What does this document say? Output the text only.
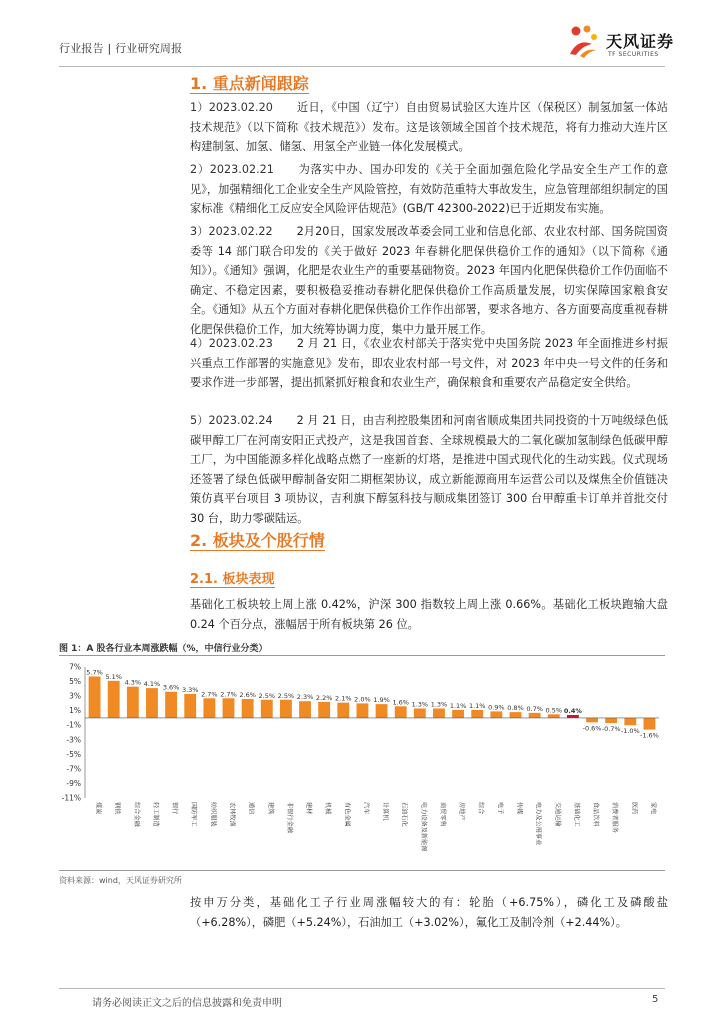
行业报告 | 行业研究周报	天风证券
TF SECURITIES
1. 重点新闻跟踪

1）2023.02.20 近日，《中国（辽宁）自由贸易试验区大连片区（保税区）制氢加氢一体站技术规范》（以下简称《技术规范》）发布。这是该领域全国首个技术规范，将有力推动大连片区构建制氢、加氢、储氢、用氢全产业链一体化发展模式。

2）2023.02.21 为落实中办、国办印发的《关于全面加强危险化学品安全生产工作的意见》，加强精细化工企业安全生产风险管控，有效防范重特大事故发生，应急管理部组织制定的国家标准《精细化工反应安全风险评估规范》(GB/T 42300-2022)已于近期发布实施。

3）2023.02.22 2月20日，国家发展改革委会同工业和信息化部、农业农村部、国务院国资委等 14 部门联合印发的《关于做好 2023 年春耕化肥保供稳价工作的通知》（以下简称《通知》）。《通知》强调，化肥是农业生产的重要基础物资。2023 年国内化肥保供稳价工作仍面临不确定、不稳定因素，要积极稳妥推动春耕化肥保供稳价工作高质量发展，切实保障国家粮食安全。《通知》从五个方面对春耕化肥保供稳价工作作出部署，要求各地方、各方面要高度重视春耕化肥保供稳价工作，加大统筹协调力度，集中力量开展工作。

4）2023.02.23 2 月 21 日，《农业农村部关于落实党中央国务院 2023 年全面推进乡村振兴重点工作部署的实施意见》发布，即农业农村部一号文件，对 2023 年中央一号文件的任务和要求作进一步部署，提出抓紧抓好粮食和农业生产，确保粮食和重要农产品稳定安全供给。

5）2023.02.24 2 月 21 日，由吉利控股集团和河南省顺成集团共同投资的十万吨级绿色低碳甲醇工厂在河南安阳正式投产，这是我国首套、全球规模最大的二氧化碳加氢制绿色低碳甲醇工厂，为中国能源多样化战略点燃了一座新的灯塔，是推进中国式现代化的生动实践。仪式现场还签署了绿色低碳甲醇制备安阳二期框架协议，成立新能源商用车运营公司以及煤焦全价值链决策仿真平台项目 3 项协议，吉利旗下醇氢科技与顺成集团签订 300 台甲醇重卡订单并首批交付 30 台，助力零碳陆运。

2. 板块及个股行情
2.1. 板块表现

基础化工板块较上周上涨 0.42%，沪深 300 指数较上周上涨 0.66%。基础化工板块跑输大盘 0.24 个百分点，涨幅居于所有板块第 26 位。

图 1：A 股各行业本周涨跌幅（%，中信行业分类）
7%
5%
3%
1%
-1%
-3%
-5%
-7%
-9%
-11%
5.7%
煤炭
5.1%
钢铁
4.3%
综合金融
4.1%
轻工制造
3.6%
银行
3.3%
国防军工
2.7%
纺织服装
2.7%
农林牧渔
2.6%
通信
2.5%
建筑
2.5%
非银行金融
2.3%
建材
2.2%
机械
2.1%
有色金属
2.0%
汽车
1.9%
计算机
1.6%
石油石化
1.3%
电力设备及新能源
1.3%
商贸零售
1.1%
房地产
1.1%
综合
0.9%
电子
0.8%
传媒
0.7%
电力及公用事业
0.5%
交通运输
0.4%
基础化工
-0.6%
食品饮料
-0.7%
消费者服务
-1.0%
医药
-1.6%
家电
资料来源：wind，天风证券研究所

按申万分类，基础化工子行业周涨幅较大的有：轮胎（+6.75%），磷化工及磷酸盐（+6.28%），磷肥（+5.24%），石油加工（+3.02%），氟化工及制冷剂（+2.44%）。

请务必阅读正文之后的信息披露和免责申明	5
